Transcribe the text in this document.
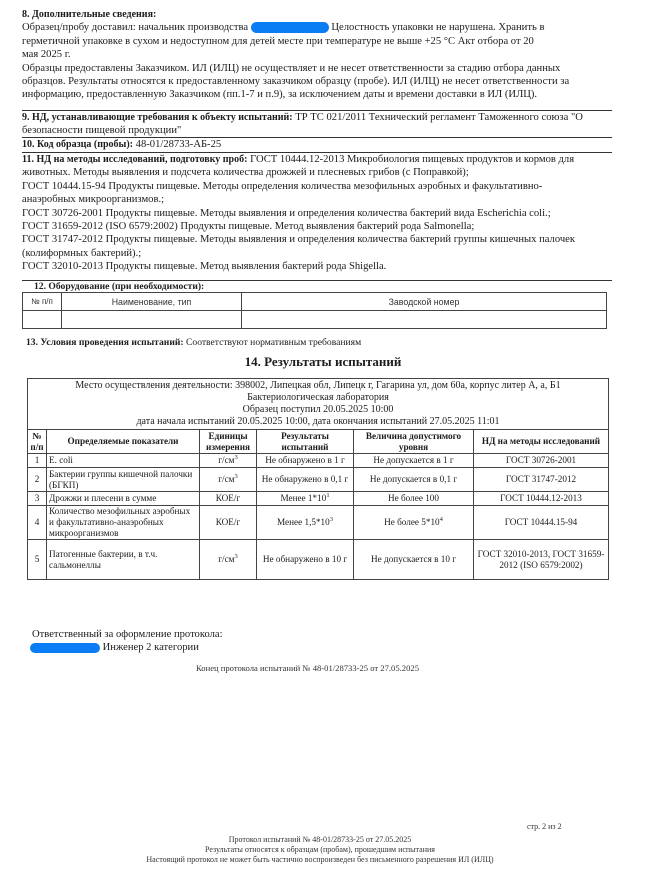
8. Дополнительные сведения:
Образец/пробу доставил: начальник производства	Целостность упаковки не нарушена. Хранить в
герметичной упаковке в сухом и недоступном для детей месте при температуре не выше +25 °С Акт отбора от 20
мая 2025 г.
Образцы предоставлены Заказчиком. ИЛ (ИЛЦ) не осуществляет и не несет ответственности за стадию отбора данных образцов. Результаты относятся к предоставленному заказчиком образцу (пробе). ИЛ (ИЛЦ) не несет ответственности за информацию, предоставленную Заказчиком (пп.1-7 и п.9), за исключением даты и времени доставки в ИЛ (ИЛЦ).
9. НД, устанавливающие требования к объекту испытаний: ТР ТС 021/2011 Технический регламент Таможенного союза "О безопасности пищевой продукции"
10. Код образца (пробы): 48-01/28733-АБ-25
11. НД на методы исследований, подготовку проб: ГОСТ 10444.12-2013 Микробиология пищевых продуктов и кормов для животных. Методы выявления и подсчета количества дрожжей и плесневых грибов (с Поправкой);
ГОСТ 10444.15-94 Продукты пищевые. Методы определения количества мезофильных аэробных и факультативно-анаэробных микроорганизмов.;
ГОСТ 30726-2001 Продукты пищевые. Методы выявления и определения количества бактерий вида Escherichia coli.;
ГОСТ 31659-2012 (ISO 6579:2002) Продукты пищевые. Метод выявления бактерий рода Salmonella;
ГОСТ 31747-2012 Продукты пищевые. Методы выявления и определения количества бактерий группы кишечных палочек (колиформных бактерий).;
ГОСТ 32010-2013 Продукты пищевые. Метод выявления бактерий рода Shigella.
12. Оборудование (при необходимости):
№ п/п	Наименование, тип	Заводской номер

13. Условия проведения испытаний: Соответствуют нормативным требованиям
14. Результаты испытаний
Место осуществления деятельности: 398002, Липецкая обл, Липецк г, Гагарина ул, дом 60а, корпус литер А, а, Б1
Бактериологическая лаборатория
Образец поступил 20.05.2025 10:00
дата начала испытаний 20.05.2025 10:00, дата окончания испытаний 27.05.2025 11:01
№ п/п	Определяемые показатели	Единицы измерения	Результаты испытаний	Величина допустимого уровня	НД на методы исследований
1	E. coli	$г/см^3$	Не обнаружено в 1 г	Не допускается в 1 г	ГОСТ 30726-2001
2	Бактерии группы кишечной палочки (БГКП)	$г/см^3$	Не обнаружено в 0,1 г	Не допускается в 0,1 г	ГОСТ 31747-2012
3	Дрожжи и плесени в сумме	КОЕ/г	Менее $1*10^1$	Не более 100	ГОСТ 10444.12-2013
4	Количество мезофильных аэробных и факультативно-анаэробных микроорганизмов	КОЕ/г	Менее $1,5*10^3$	Не более $5*10^4$	ГОСТ 10444.15-94
5	Патогенные бактерии, в т.ч. сальмонеллы	$г/см^3$	Не обнаружено в 10 г	Не допускается в 10 г	ГОСТ 32010-2013, ГОСТ 31659-2012 (ISO 6579:2002)
Ответственный за оформление протокола:
Инженер 2 категории
Конец протокола испытаний № 48-01/28733-25 от 27.05.2025
стр. 2 из 2
Протокол испытаний № 48-01/28733-25 от 27.05.2025
Результаты относятся к образцам (пробам), прошедшим испытания
Настоящий протокол не может быть частично воспроизведен без письменного разрешения ИЛ (ИЛЦ)
